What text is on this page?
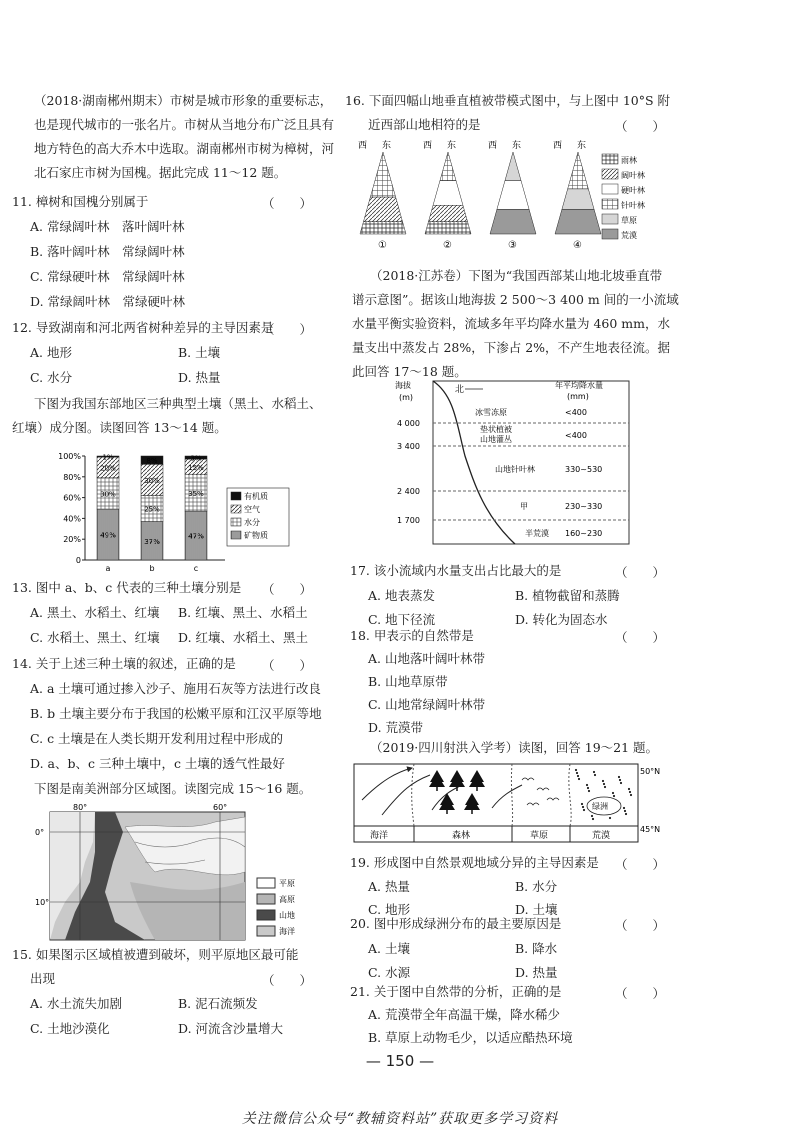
（2018·湖南郴州期末）市树是城市形象的重要标志，
也是现代城市的一张名片。市树从当地分布广泛且具有
地方特色的高大乔木中选取。湖南郴州市树为樟树，河
北石家庄市树为国槐。据此完成 11～12 题。
11. 樟树和国槐分别属于	（　　）
A. 常绿阔叶林　落叶阔叶林
B. 落叶阔叶林　常绿阔叶林
C. 常绿硬叶林　常绿阔叶林
D. 常绿阔叶林　常绿硬叶林
12. 导致湖南和河北两省树种差异的主导因素是
（　　）
A. 地形	B. 土壤
C. 水分	D. 热量
下图为我国东部地区三种典型土壤（黑土、水稻土、
红壤）成分图。读图回答 13～14 题。
0
20%
40%
60%
80%
100%
49%
30%
20%
1%
a
37%
25%
30%
8%
b
47%
35%
15%
3%
c
有机质
空气
水分
矿物质
13. 图中 a、b、c 代表的三种土壤分别是 （　　）
A. 黑土、水稻土、红壤 B. 红壤、黑土、水稻土
C. 水稻土、黑土、红壤 D. 红壤、水稻土、黑土
14. 关于上述三种土壤的叙述，正确的是 （　　）
A. a 土壤可通过掺入沙子、施用石灰等方法进行改良
B. b 土壤主要分布于我国的松嫩平原和江汉平原等地
C. c 土壤是在人类长期开发利用过程中形成的
D. a、b、c 三种土壤中，c 土壤的透气性最好
下图是南美洲部分区域图。读图完成 15～16 题。
80°	60°
0°
10°
平原
高原
山地
海洋
15. 如果图示区域植被遭到破坏，则平原地区最可能
出现	（　　）
A. 水土流失加剧	B. 泥石流频发
C. 土地沙漠化	D. 河流含沙量增大
16. 下面四幅山地垂直植被带模式图中，与上图中 10°S 附
近西部山地相符的是	（　　）
西 东
①
西 东
②
西 东
③
西 东
④
雨林
阔叶林
硬叶林
针叶林
草原
荒漠
（2018·江苏卷）下图为“我国西部某山地北坡垂直带
谱示意图”。据该山地海拔 2 500～3 400 m 间的一小流域
水量平衡实验资料，流域多年平均降水量为 460 mm，水
量支出中蒸发占 28%，下渗占 2%，不产生地表径流。据
此回答 17～18 题。
海拔
(m)
4 000
3 400
2 400
1 700
北	年平均降水量
(mm)
冰雪冻原	<400
垫状植被
山地灌丛	<400
山地针叶林	330~530
甲	230~330
半荒漠 160~230
17. 该小流域内水量支出占比最大的是	（　　）
A. 地表蒸发	B. 植物截留和蒸腾
C. 地下径流	D. 转化为固态水
18. 甲表示的自然带是	（　　）
A. 山地落叶阔叶林带
B. 山地草原带
C. 山地常绿阔叶林带
D. 荒漠带
（2019·四川射洪入学考）读图，回答 19～21 题。
绿洲
海洋	森林	草原	荒漠
50°N
45°N
19. 形成图中自然景观地域分异的主导因素是 （　　）
A. 热量	B. 水分
C. 地形	D. 土壤
20. 图中形成绿洲分布的最主要原因是	（　　）
A. 土壤	B. 降水
C. 水源	D. 热量
21. 关于图中自然带的分析，正确的是	（　　）
A. 荒漠带全年高温干燥，降水稀少
B. 草原上动物毛少，以适应酷热环境
— 150 —
关注微信公众号“教辅资料站”获取更多学习资料
